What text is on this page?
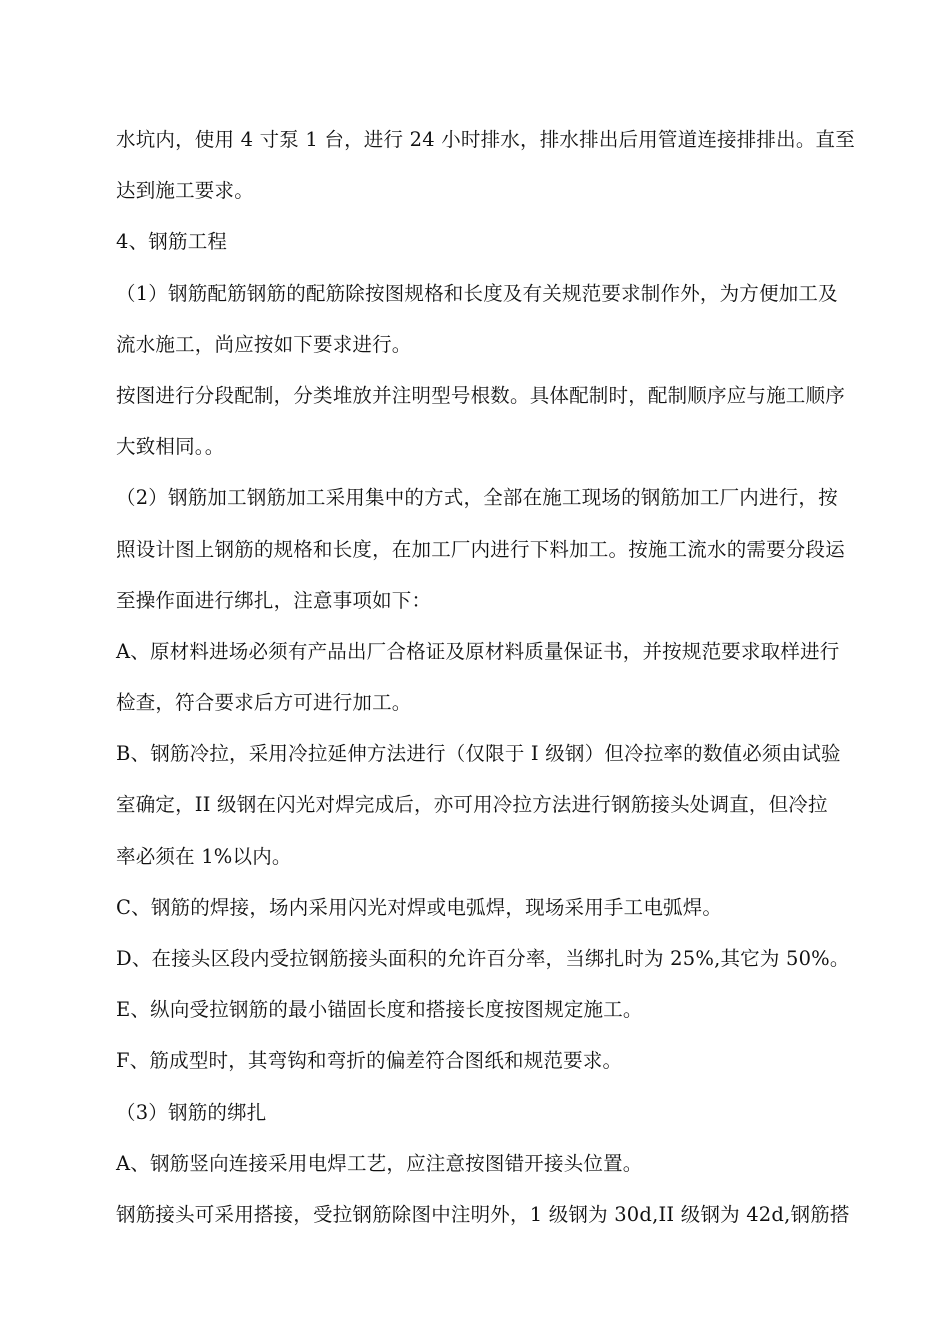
水坑内，使用 4 寸泵 1 台，进行 24 小时排水，排水排出后用管道连接排排出。直至
达到施工要求。
4、钢筋工程
（1）钢筋配筋钢筋的配筋除按图规格和长度及有关规范要求制作外，为方便加工及
流水施工，尚应按如下要求进行。
按图进行分段配制，分类堆放并注明型号根数。具体配制时，配制顺序应与施工顺序
大致相同。。
（2）钢筋加工钢筋加工采用集中的方式，全部在施工现场的钢筋加工厂内进行，按
照设计图上钢筋的规格和长度，在加工厂内进行下料加工。按施工流水的需要分段运
至操作面进行绑扎，注意事项如下：
A、原材料进场必须有产品出厂合格证及原材料质量保证书，并按规范要求取样进行
检查，符合要求后方可进行加工。
B、钢筋冷拉，采用冷拉延伸方法进行（仅限于 I 级钢）但冷拉率的数值必须由试验
室确定，II 级钢在闪光对焊完成后，亦可用冷拉方法进行钢筋接头处调直，但冷拉
率必须在 1%以内。
C、钢筋的焊接，场内采用闪光对焊或电弧焊，现场采用手工电弧焊。
D、在接头区段内受拉钢筋接头面积的允许百分率，当绑扎时为 25%,其它为 50%。
E、纵向受拉钢筋的最小锚固长度和搭接长度按图规定施工。
F、筋成型时，其弯钩和弯折的偏差符合图纸和规范要求。
（3）钢筋的绑扎
A、钢筋竖向连接采用电焊工艺，应注意按图错开接头位置。
钢筋接头可采用搭接，受拉钢筋除图中注明外，1 级钢为 30d,II 级钢为 42d,钢筋搭
